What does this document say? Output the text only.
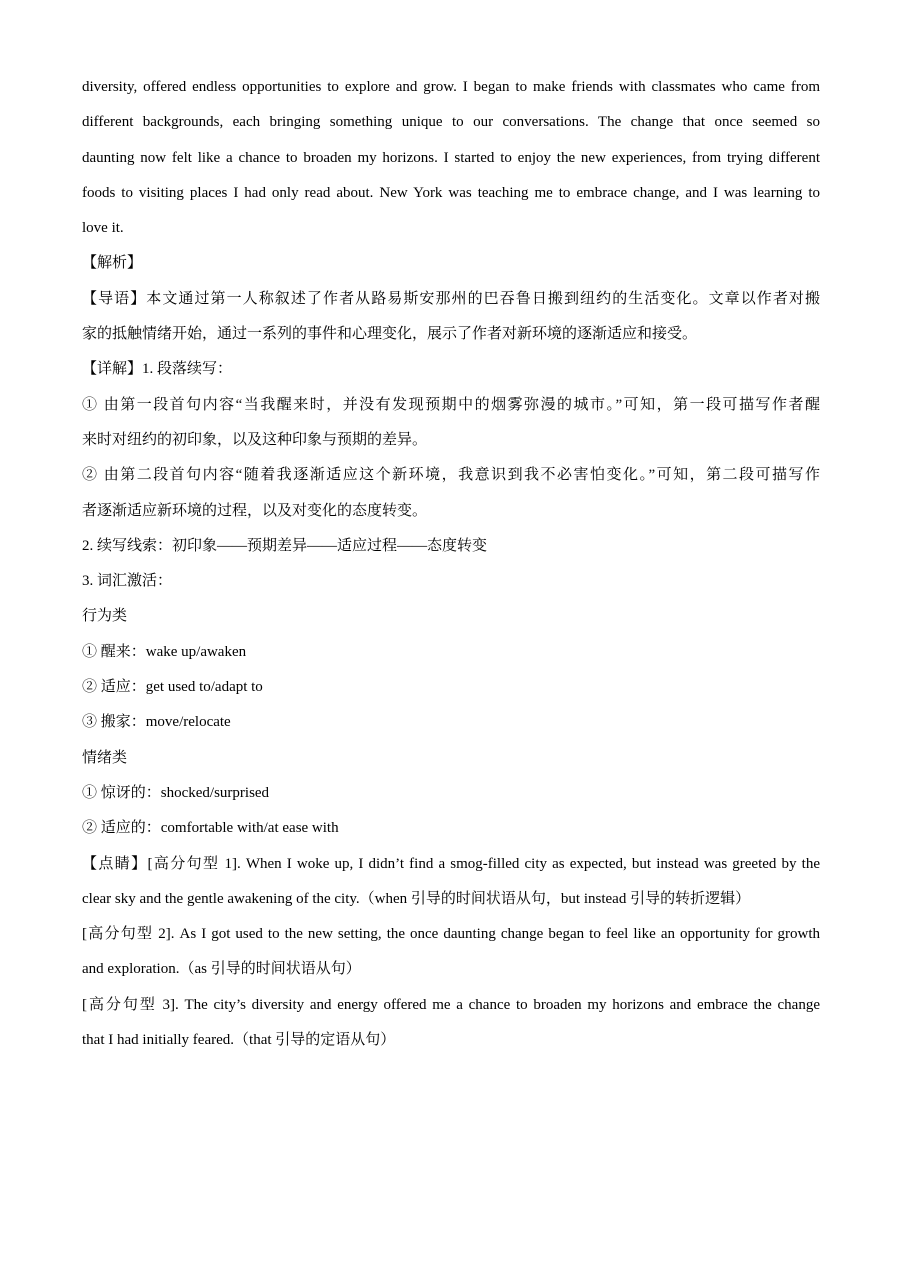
diversity, offered endless opportunities to explore and grow. I began to make friends with classmates who came from
different backgrounds, each bringing something unique to our conversations. The change that once seemed so
daunting now felt like a chance to broaden my horizons. I started to enjoy the new experiences, from trying different
foods to visiting places I had only read about. New York was teaching me to embrace change, and I was learning to
love it.
【解析】
【导语】本文通过第一人称叙述了作者从路易斯安那州的巴吞鲁日搬到纽约的生活变化。文章以作者对搬
家的抵触情绪开始，通过一系列的事件和心理变化，展示了作者对新环境的逐渐适应和接受。
【详解】1. 段落续写：
① 由第一段首句内容“当我醒来时，并没有发现预期中的烟雾弥漫的城市。”可知，第一段可描写作者醒
来时对纽约的初印象，以及这种印象与预期的差异。
② 由第二段首句内容“随着我逐渐适应这个新环境，我意识到我不必害怕变化。”可知，第二段可描写作
者逐渐适应新环境的过程，以及对变化的态度转变。
2. 续写线索：初印象——预期差异——适应过程——态度转变
3. 词汇激活：
行为类
① 醒来：wake up/awaken
② 适应：get used to/adapt to
③ 搬家：move/relocate
情绪类
① 惊讶的：shocked/surprised
② 适应的：comfortable with/at ease with
【点睛】[高分句型 1]. When I woke up, I didn’t find a smog-filled city as expected, but instead was greeted by the
clear sky and the gentle awakening of the city.（when 引导的时间状语从句，but instead 引导的转折逻辑）
[高分句型 2]. As I got used to the new setting, the once daunting change began to feel like an opportunity for growth
and exploration.（as 引导的时间状语从句）
[高分句型 3]. The city’s diversity and energy offered me a chance to broaden my horizons and embrace the change
that I had initially feared.（that 引导的定语从句）
